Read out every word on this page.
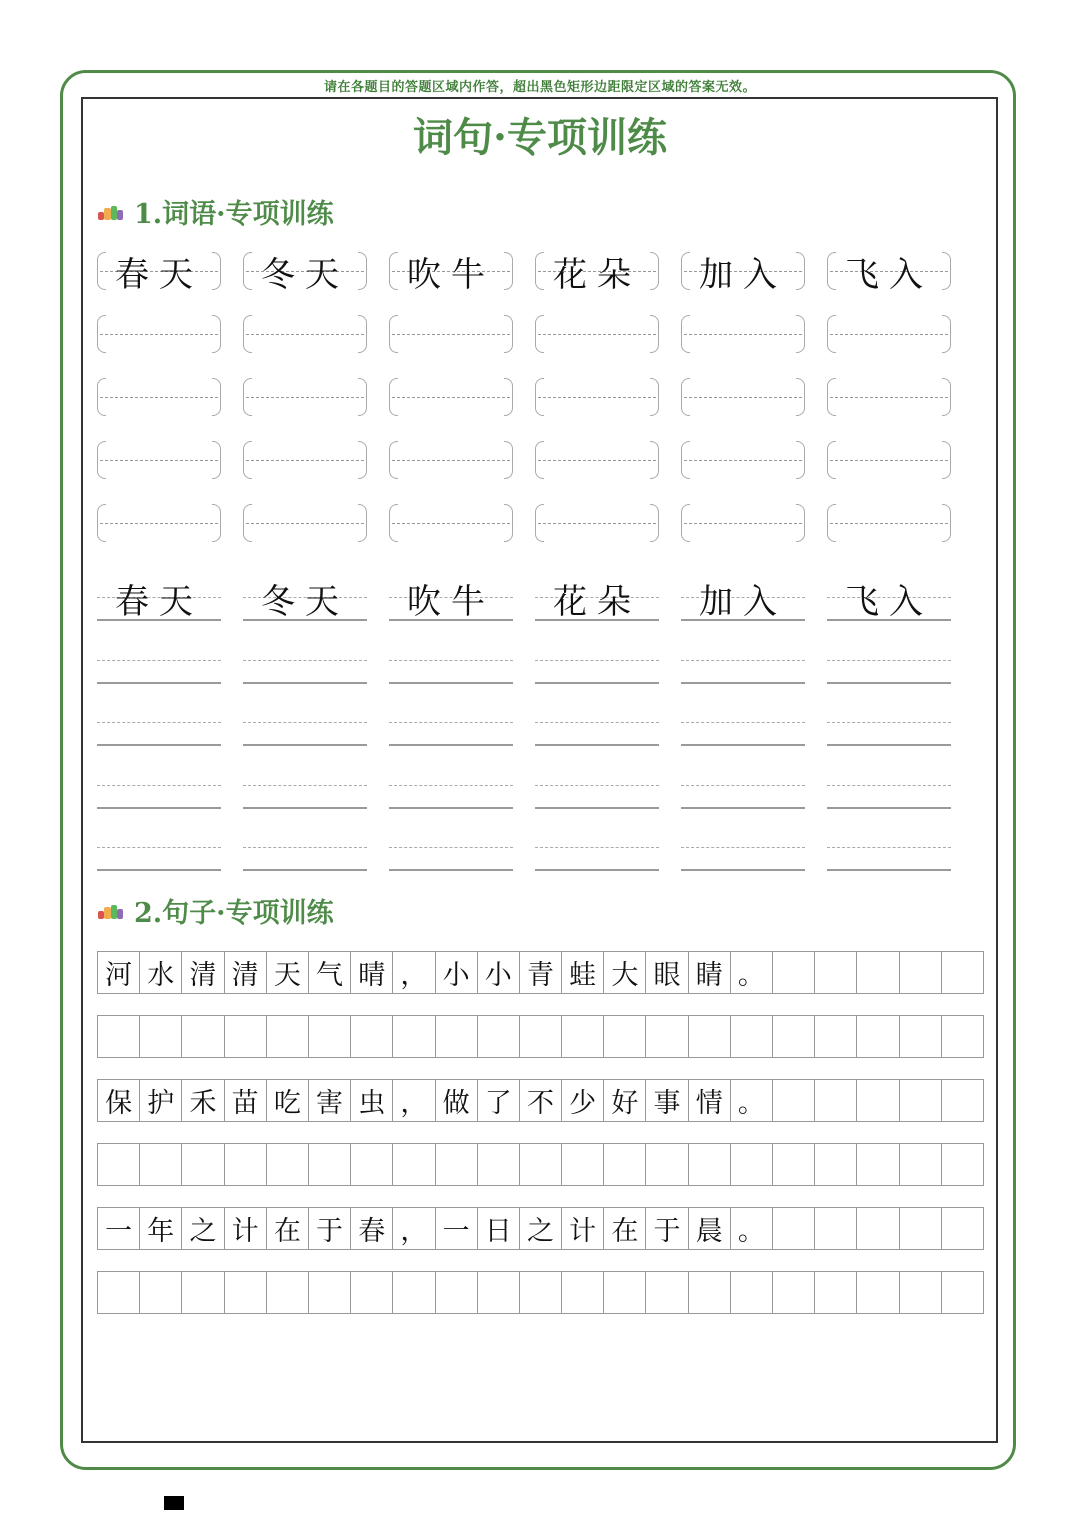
请在各题目的答题区域内作答，超出黑色矩形边距限定区域的答案无效。
词句·专项训练
1.词语·专项训练
春天	冬天	吹牛	花朵	加入	飞入
春天	冬天	吹牛	花朵	加入	飞入
2.句子·专项训练
河 水 清 清 天 气 晴 ， 小 小 青 蛙 大 眼 睛 。
保 护 禾 苗 吃 害 虫 ， 做 了 不 少 好 事 情 。
一 年 之 计 在 于 春 ， 一 日 之 计 在 于 晨 。
